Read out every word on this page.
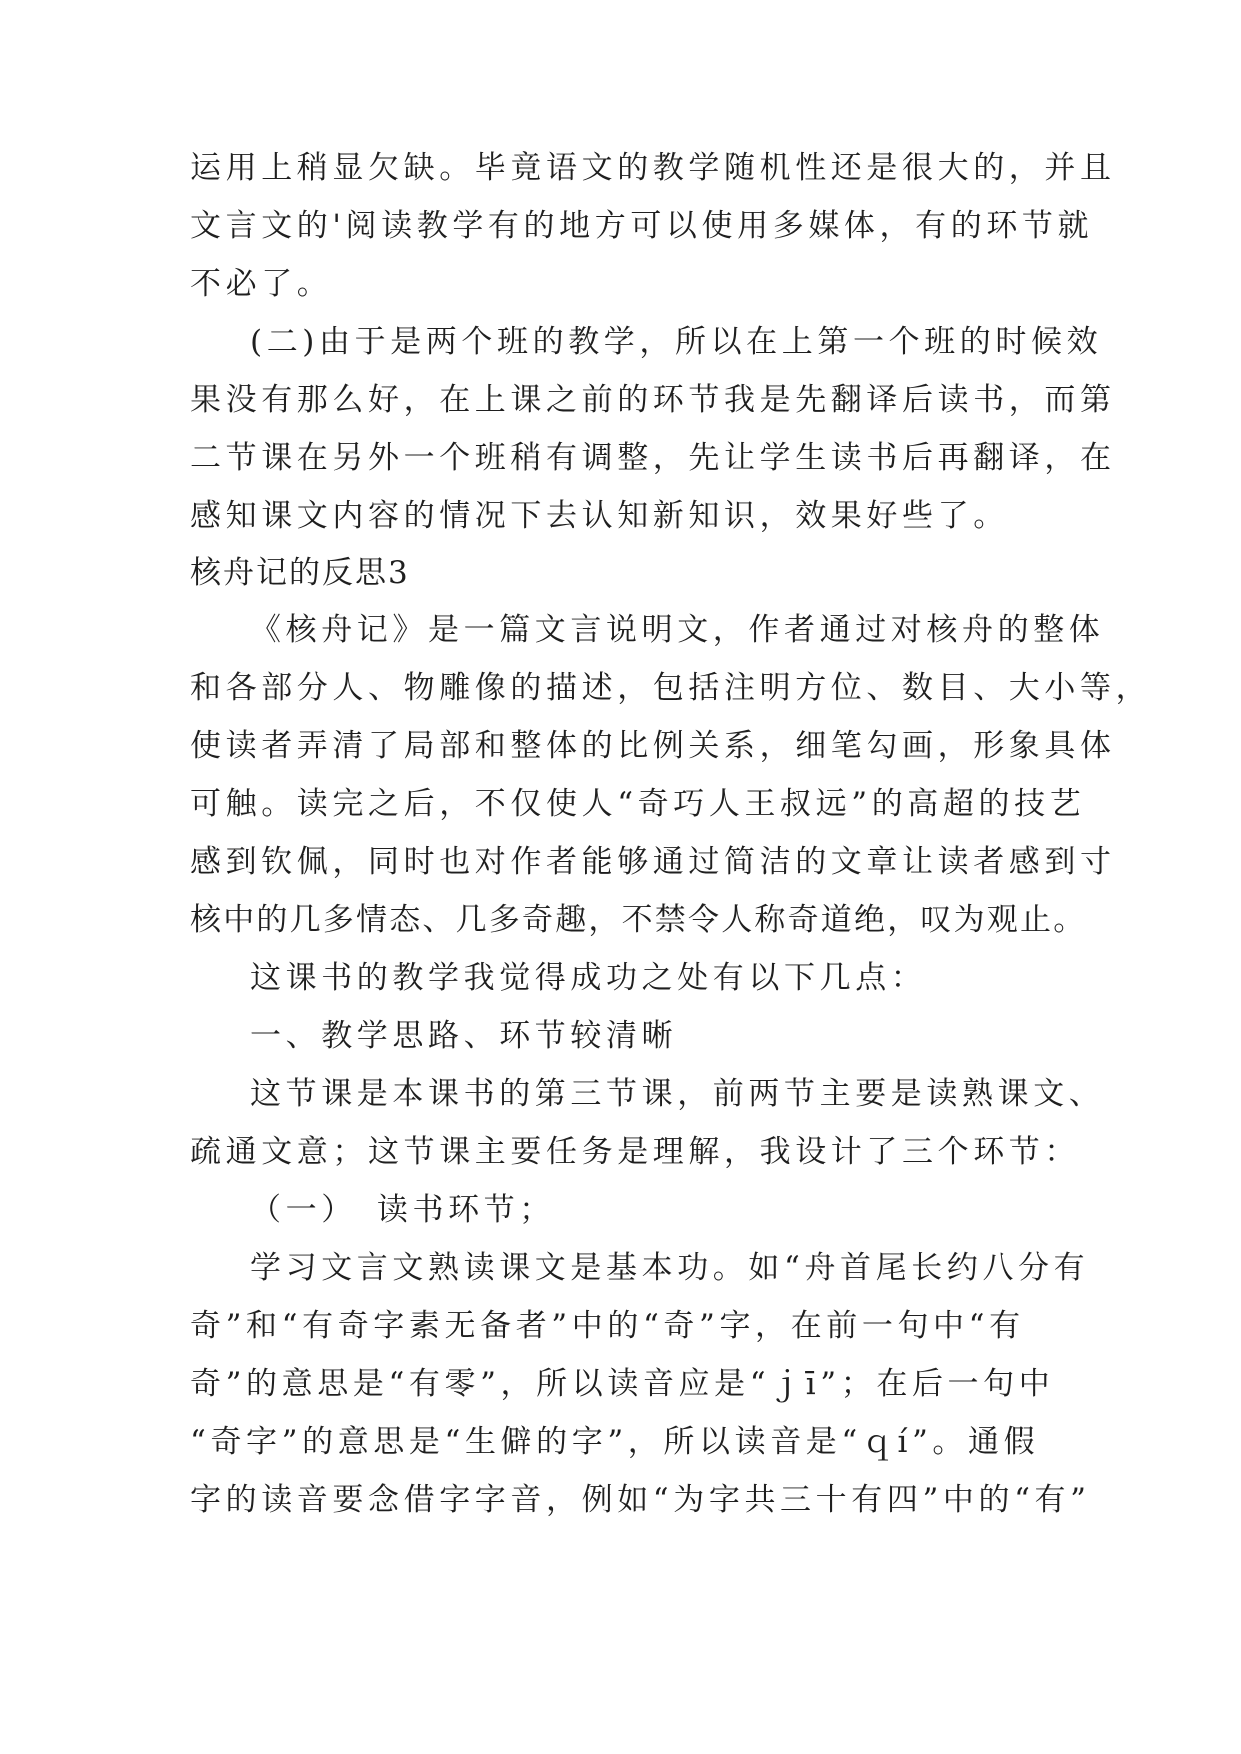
运用上稍显欠缺。毕竟语文的教学随机性还是很大的，并且
文言文的'阅读教学有的地方可以使用多媒体，有的环节就
不必了。
(二)由于是两个班的教学，所以在上第一个班的时候效
果没有那么好，在上课之前的环节我是先翻译后读书，而第
二节课在另外一个班稍有调整，先让学生读书后再翻译，在
感知课文内容的情况下去认知新知识，效果好些了。
核舟记的反思3
《核舟记》是一篇文言说明文，作者通过对核舟的整体
和各部分人、物雕像的描述，包括注明方位、数目、大小等，
使读者弄清了局部和整体的比例关系，细笔勾画，形象具体
可触。读完之后，不仅使人“奇巧人王叔远”的高超的技艺
感到钦佩，同时也对作者能够通过简洁的文章让读者感到寸
核中的几多情态、几多奇趣，不禁令人称奇道绝，叹为观止。
这课书的教学我觉得成功之处有以下几点：
一、教学思路、环节较清晰
这节课是本课书的第三节课，前两节主要是读熟课文、
疏通文意；这节课主要任务是理解，我设计了三个环节：
（一）　读书环节；
学习文言文熟读课文是基本功。如“舟首尾长约八分有
奇”和“有奇字素无备者”中的“奇”字，在前一句中“有
奇”的意思是“有零”，所以读音应是“ｊī”；在后一句中
“奇字”的意思是“生僻的字”，所以读音是“ｑí”。通假
字的读音要念借字字音，例如“为字共三十有四”中的“有”
